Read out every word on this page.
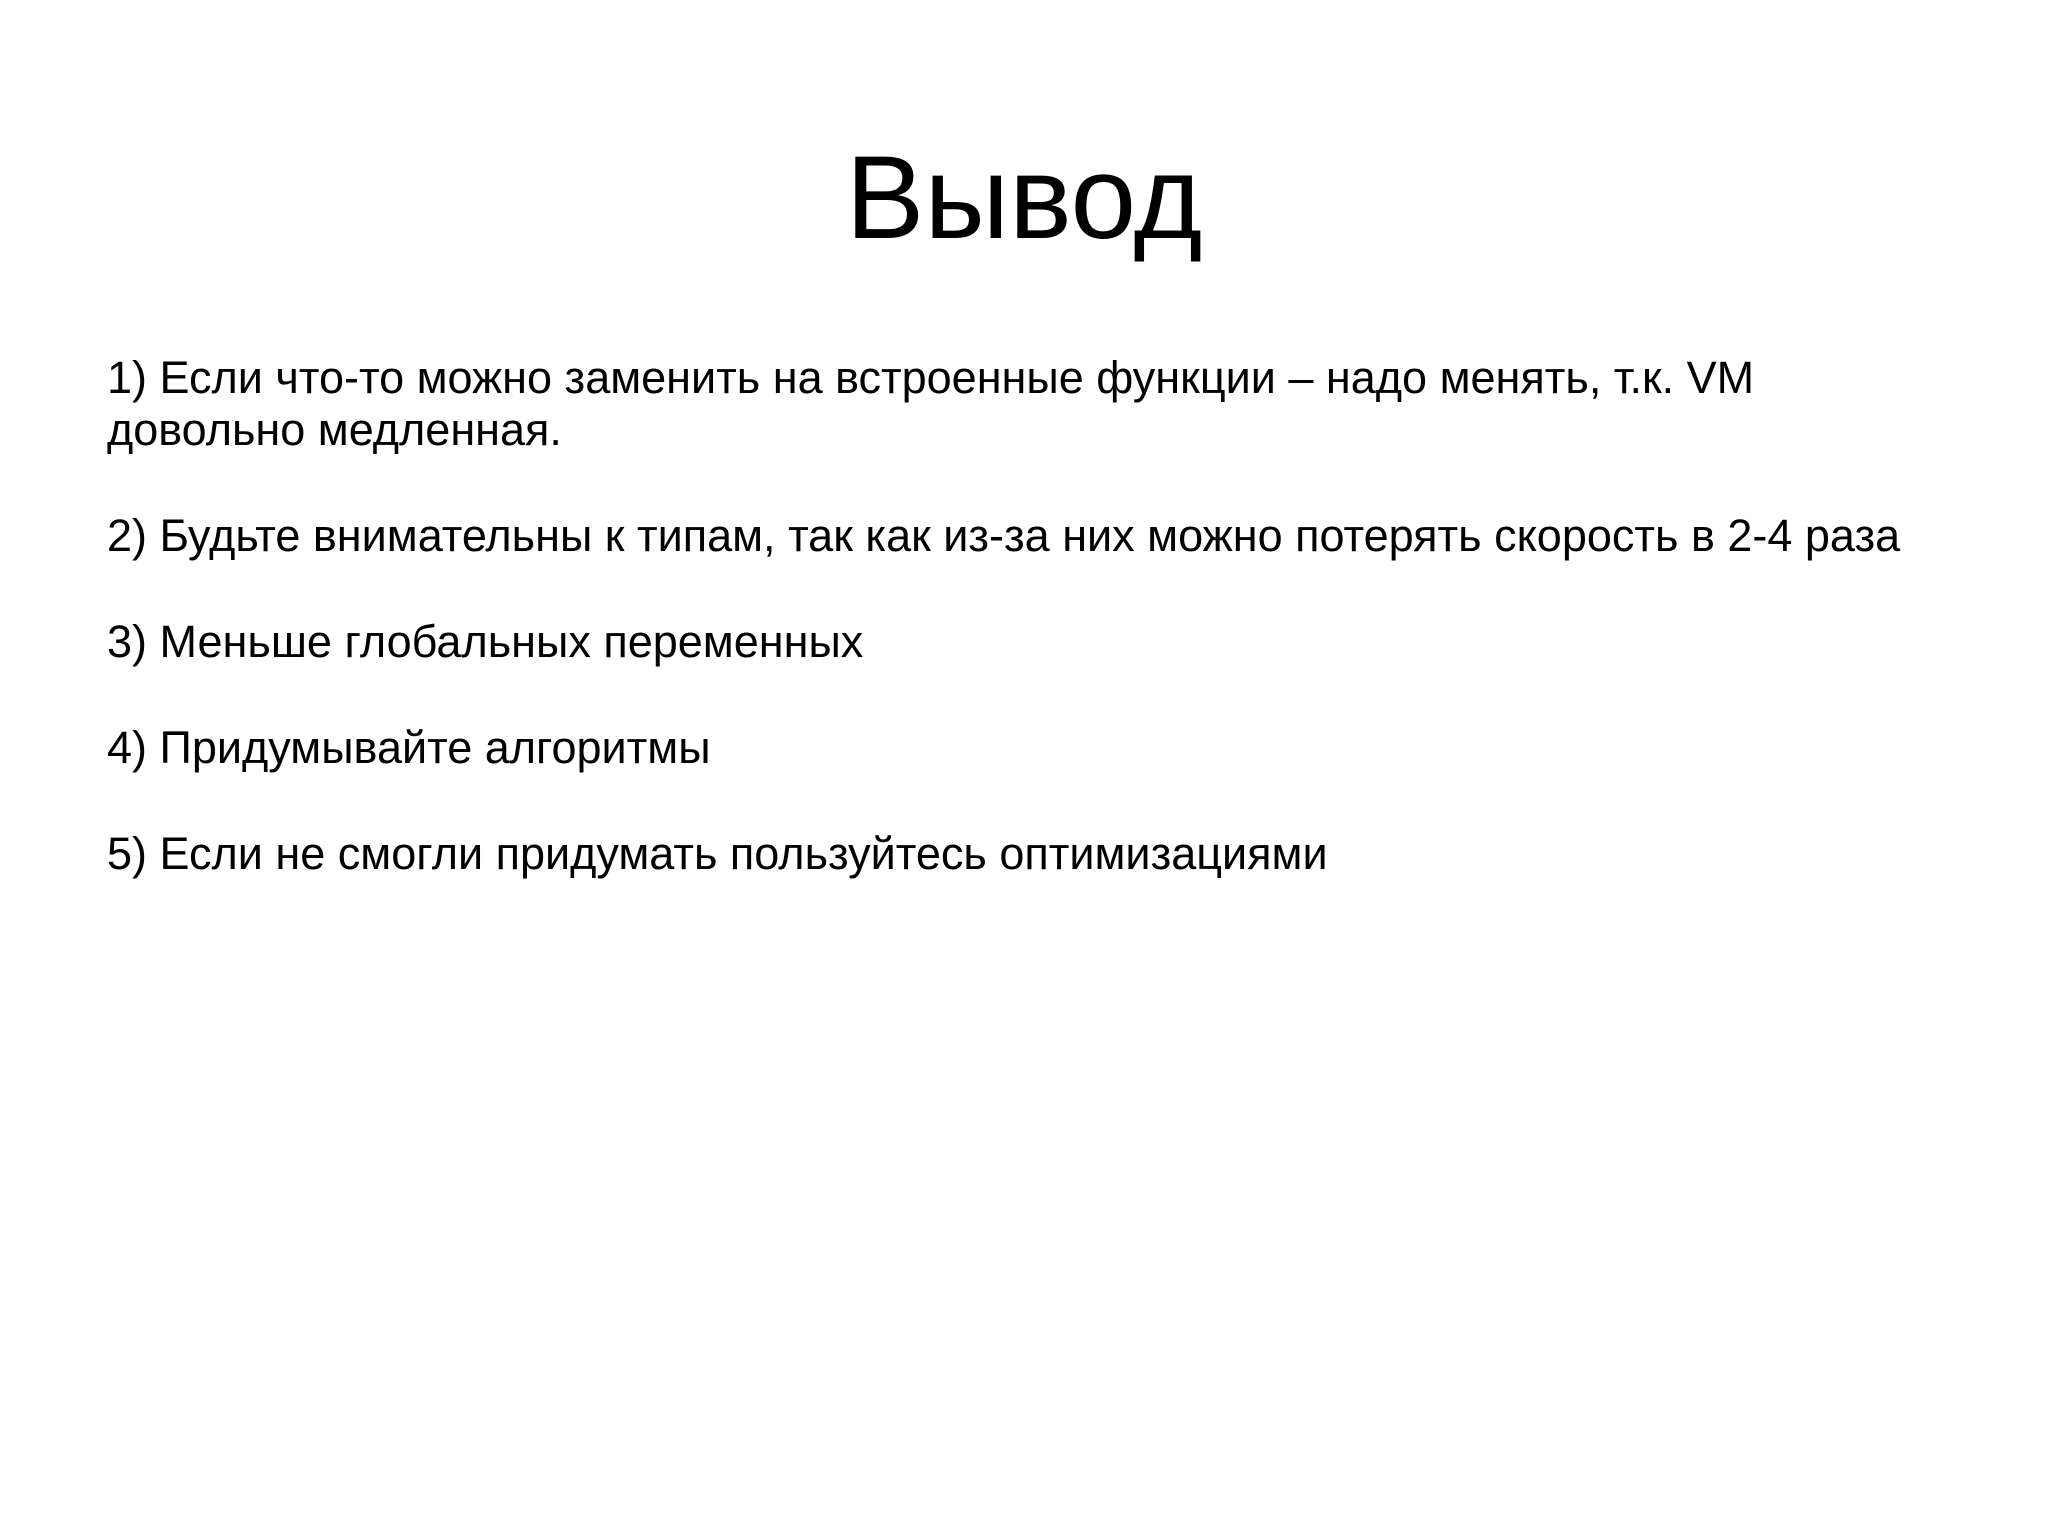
Вывод
1) Если что-то можно заменить на встроенные функции – надо менять, т.к. VM довольно медленная.
2) Будьте внимательны к типам, так как из-за них можно потерять скорость в 2-4 раза
3) Меньше глобальных переменных
4) Придумывайте алгоритмы
5) Если не смогли придумать пользуйтесь оптимизациями
